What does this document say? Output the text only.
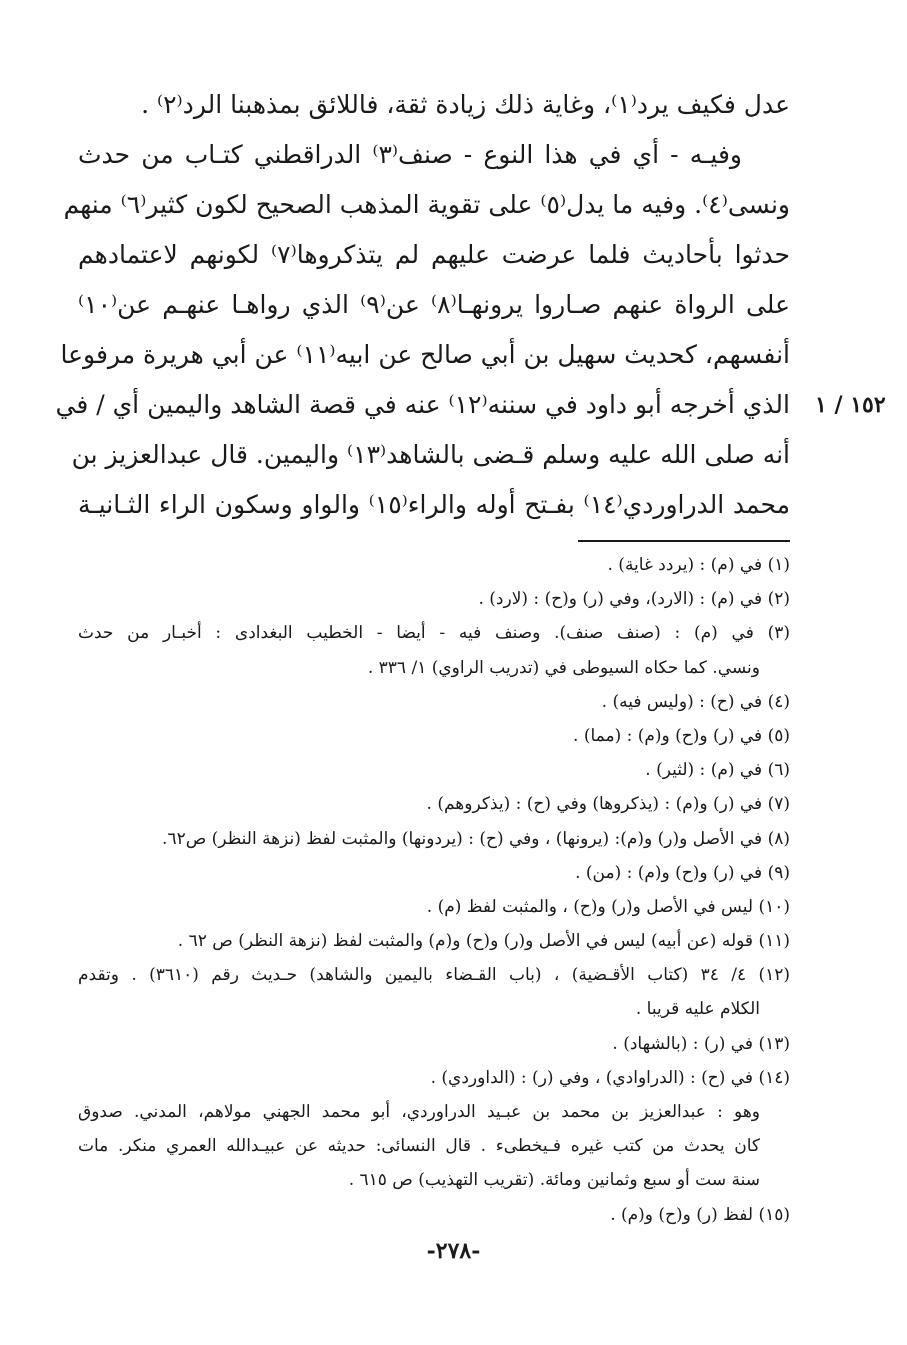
عدل فكيف يرد⁽١⁾، وغاية ذلك زيادة ثقة، فاللائق بمذهبنا الرد⁽٢⁾ .
وفيـه - أي في هذا النوع - صنف⁽٣⁾ الدراقطني كتـاب من حدث
ونسى⁽٤⁾. وفيه ما يدل⁽٥⁾ على تقوية المذهب الصحيح لكون كثير⁽٦⁾ منهم
حدثوا بأحاديث فلما عرضت عليهم لم يتذكروها⁽٧⁾ لكونهم لاعتمادهم
على الرواة عنهم صـاروا يرونهـا⁽٨⁾ عن⁽٩⁾ الذي رواهـا عنهـم عن⁽١٠⁾
أنفسهم، كحديث سهيل بن أبي صالح عن ابيه⁽١١⁾ عن أبي هريرة مرفوعا
الذي أخرجه أبو داود في سننه⁽١٢⁾ عنه في قصة الشاهد واليمين أي / في
أنه صلى الله عليه وسلم قـضى بالشاهد⁽١٣⁾ واليمين. قال عبدالعزيز بن
محمد الدراوردي⁽١٤⁾ بفـتح أوله والراء⁽١٥⁾ والواو وسكون الراء الثـانيـة
١٥٢ / ١
(١) في (م) : (يردد غاية) .
(٢) في (م) : (الارد)، وفي (ر) و(ح) : (لارد) .
(٣) في (م) : (صنف صنف). وصنف فيه - أيضا - الخطيب البغدادى : أخبـار من حدث
ونسي. كما حكاه السيوطى في (تدريب الراوي) ١/ ٣٣٦ .
(٤) في (ح) : (وليس فيه) .
(٥) في (ر) و(ح) و(م) : (مما) .
(٦) في (م) : (لثير) .
(٧) في (ر) و(م) : (يذكروها) وفي (ح) : (يذكروهم) .
(٨) في الأصل و(ر) و(م): (يرونها) ، وفي (ح) : (يردونها) والمثبت لفظ (نزهة النظر) ص٦٢.
(٩) في (ر) و(ح) و(م) : (من) .
(١٠) ليس في الأصل و(ر) و(ح) ، والمثبت لفظ (م) .
(١١) قوله (عن أبيه) ليس في الأصل و(ر) و(ح) و(م) والمثبت لفظ (نزهة النظر) ص ٦٢ .
(١٢) ٤/ ٣٤ (كتاب الأقـضية) ، (باب القـضاء باليمين والشاهد) حـديث رقم (٣٦١٠) . وتقدم
الكلام عليه قريبا .
(١٣) في (ر) : (بالشهاد) .
(١٤) في (ح) : (الدراوادي) ، وفي (ر) : (الداوردي) .
وهو : عبدالعزيز بن محمد بن عبـيد الدراوردي، أبو محمد الجهني مولاهم، المدني. صدوق
كان يحدث من كتب غيره فـيخطىء . قال النسائى: حديثه عن عبيـدالله العمري منكر. مات
سنة ست أو سبع وثمانين ومائة. (تقريب التهذيب) ص ٦١٥ .
(١٥) لفظ (ر) و(ح) و(م) .
-٢٧٨-
